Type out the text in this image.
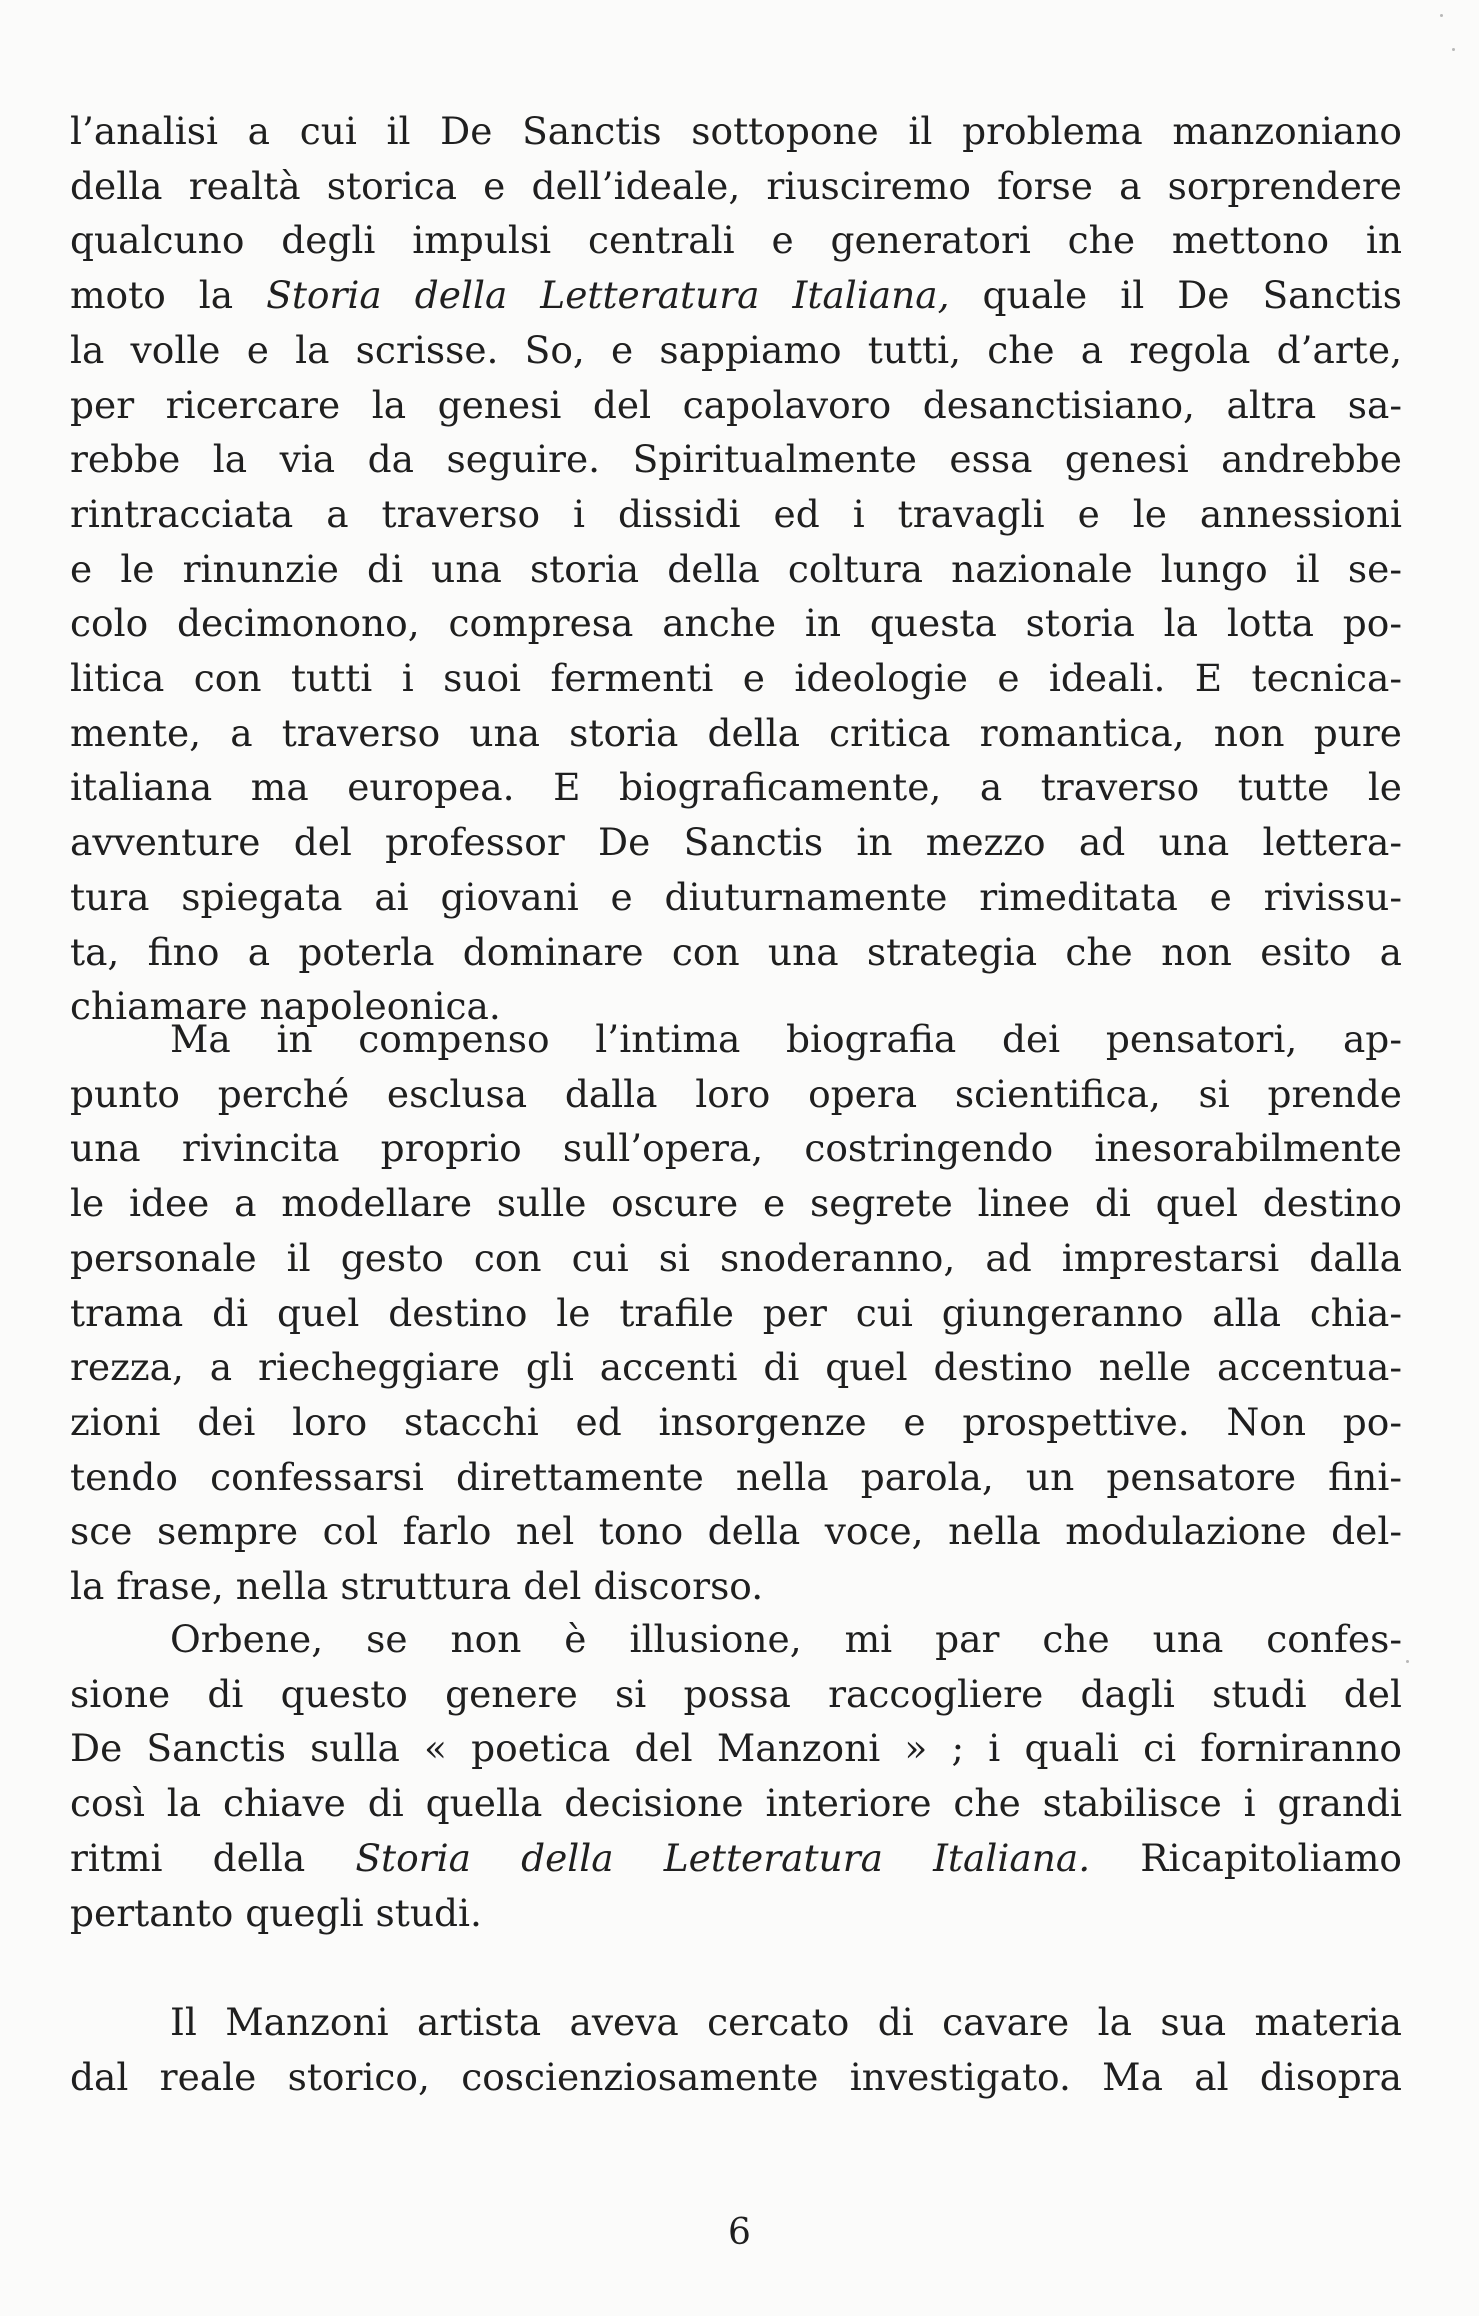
l’analisi a cui il De Sanctis sottopone il problema manzoniano
della realtà storica e dell’ideale, riusciremo forse a sorprendere
qualcuno degli impulsi centrali e generatori che mettono in
moto la Storia della Letteratura Italiana, quale il De Sanctis
la volle e la scrisse. So, e sappiamo tutti, che a regola d’arte,
per ricercare la genesi del capolavoro desanctisiano, altra sa-
rebbe la via da seguire. Spiritualmente essa genesi andrebbe
rintracciata a traverso i dissidi ed i travagli e le annessioni
e le rinunzie di una storia della coltura nazionale lungo il se-
colo decimonono, compresa anche in questa storia la lotta po-
litica con tutti i suoi fermenti e ideologie e ideali. E tecnica-
mente, a traverso una storia della critica romantica, non pure
italiana ma europea. E biograficamente, a traverso tutte le
avventure del professor De Sanctis in mezzo ad una lettera-
tura spiegata ai giovani e diuturnamente rimeditata e rivissu-
ta, fino a poterla dominare con una strategia che non esito a
chiamare napoleonica.

Ma in compenso l’intima biografia dei pensatori, ap-
punto perché esclusa dalla loro opera scientifica, si prende
una rivincita proprio sull’opera, costringendo inesorabilmente
le idee a modellare sulle oscure e segrete linee di quel destino
personale il gesto con cui si snoderanno, ad imprestarsi dalla
trama di quel destino le trafile per cui giungeranno alla chia-
rezza, a riecheggiare gli accenti di quel destino nelle accentua-
zioni dei loro stacchi ed insorgenze e prospettive. Non po-
tendo confessarsi direttamente nella parola, un pensatore fini-
sce sempre col farlo nel tono della voce, nella modulazione del-
la frase, nella struttura del discorso.

Orbene, se non è illusione, mi par che una confes-
sione di questo genere si possa raccogliere dagli studi del
De Sanctis sulla « poetica del Manzoni » ; i quali ci forniranno
così la chiave di quella decisione interiore che stabilisce i grandi
ritmi della Storia della Letteratura Italiana. Ricapitoliamo
pertanto quegli studi.

Il Manzoni artista aveva cercato di cavare la sua materia
dal reale storico, coscienziosamente investigato. Ma al disopra

6
